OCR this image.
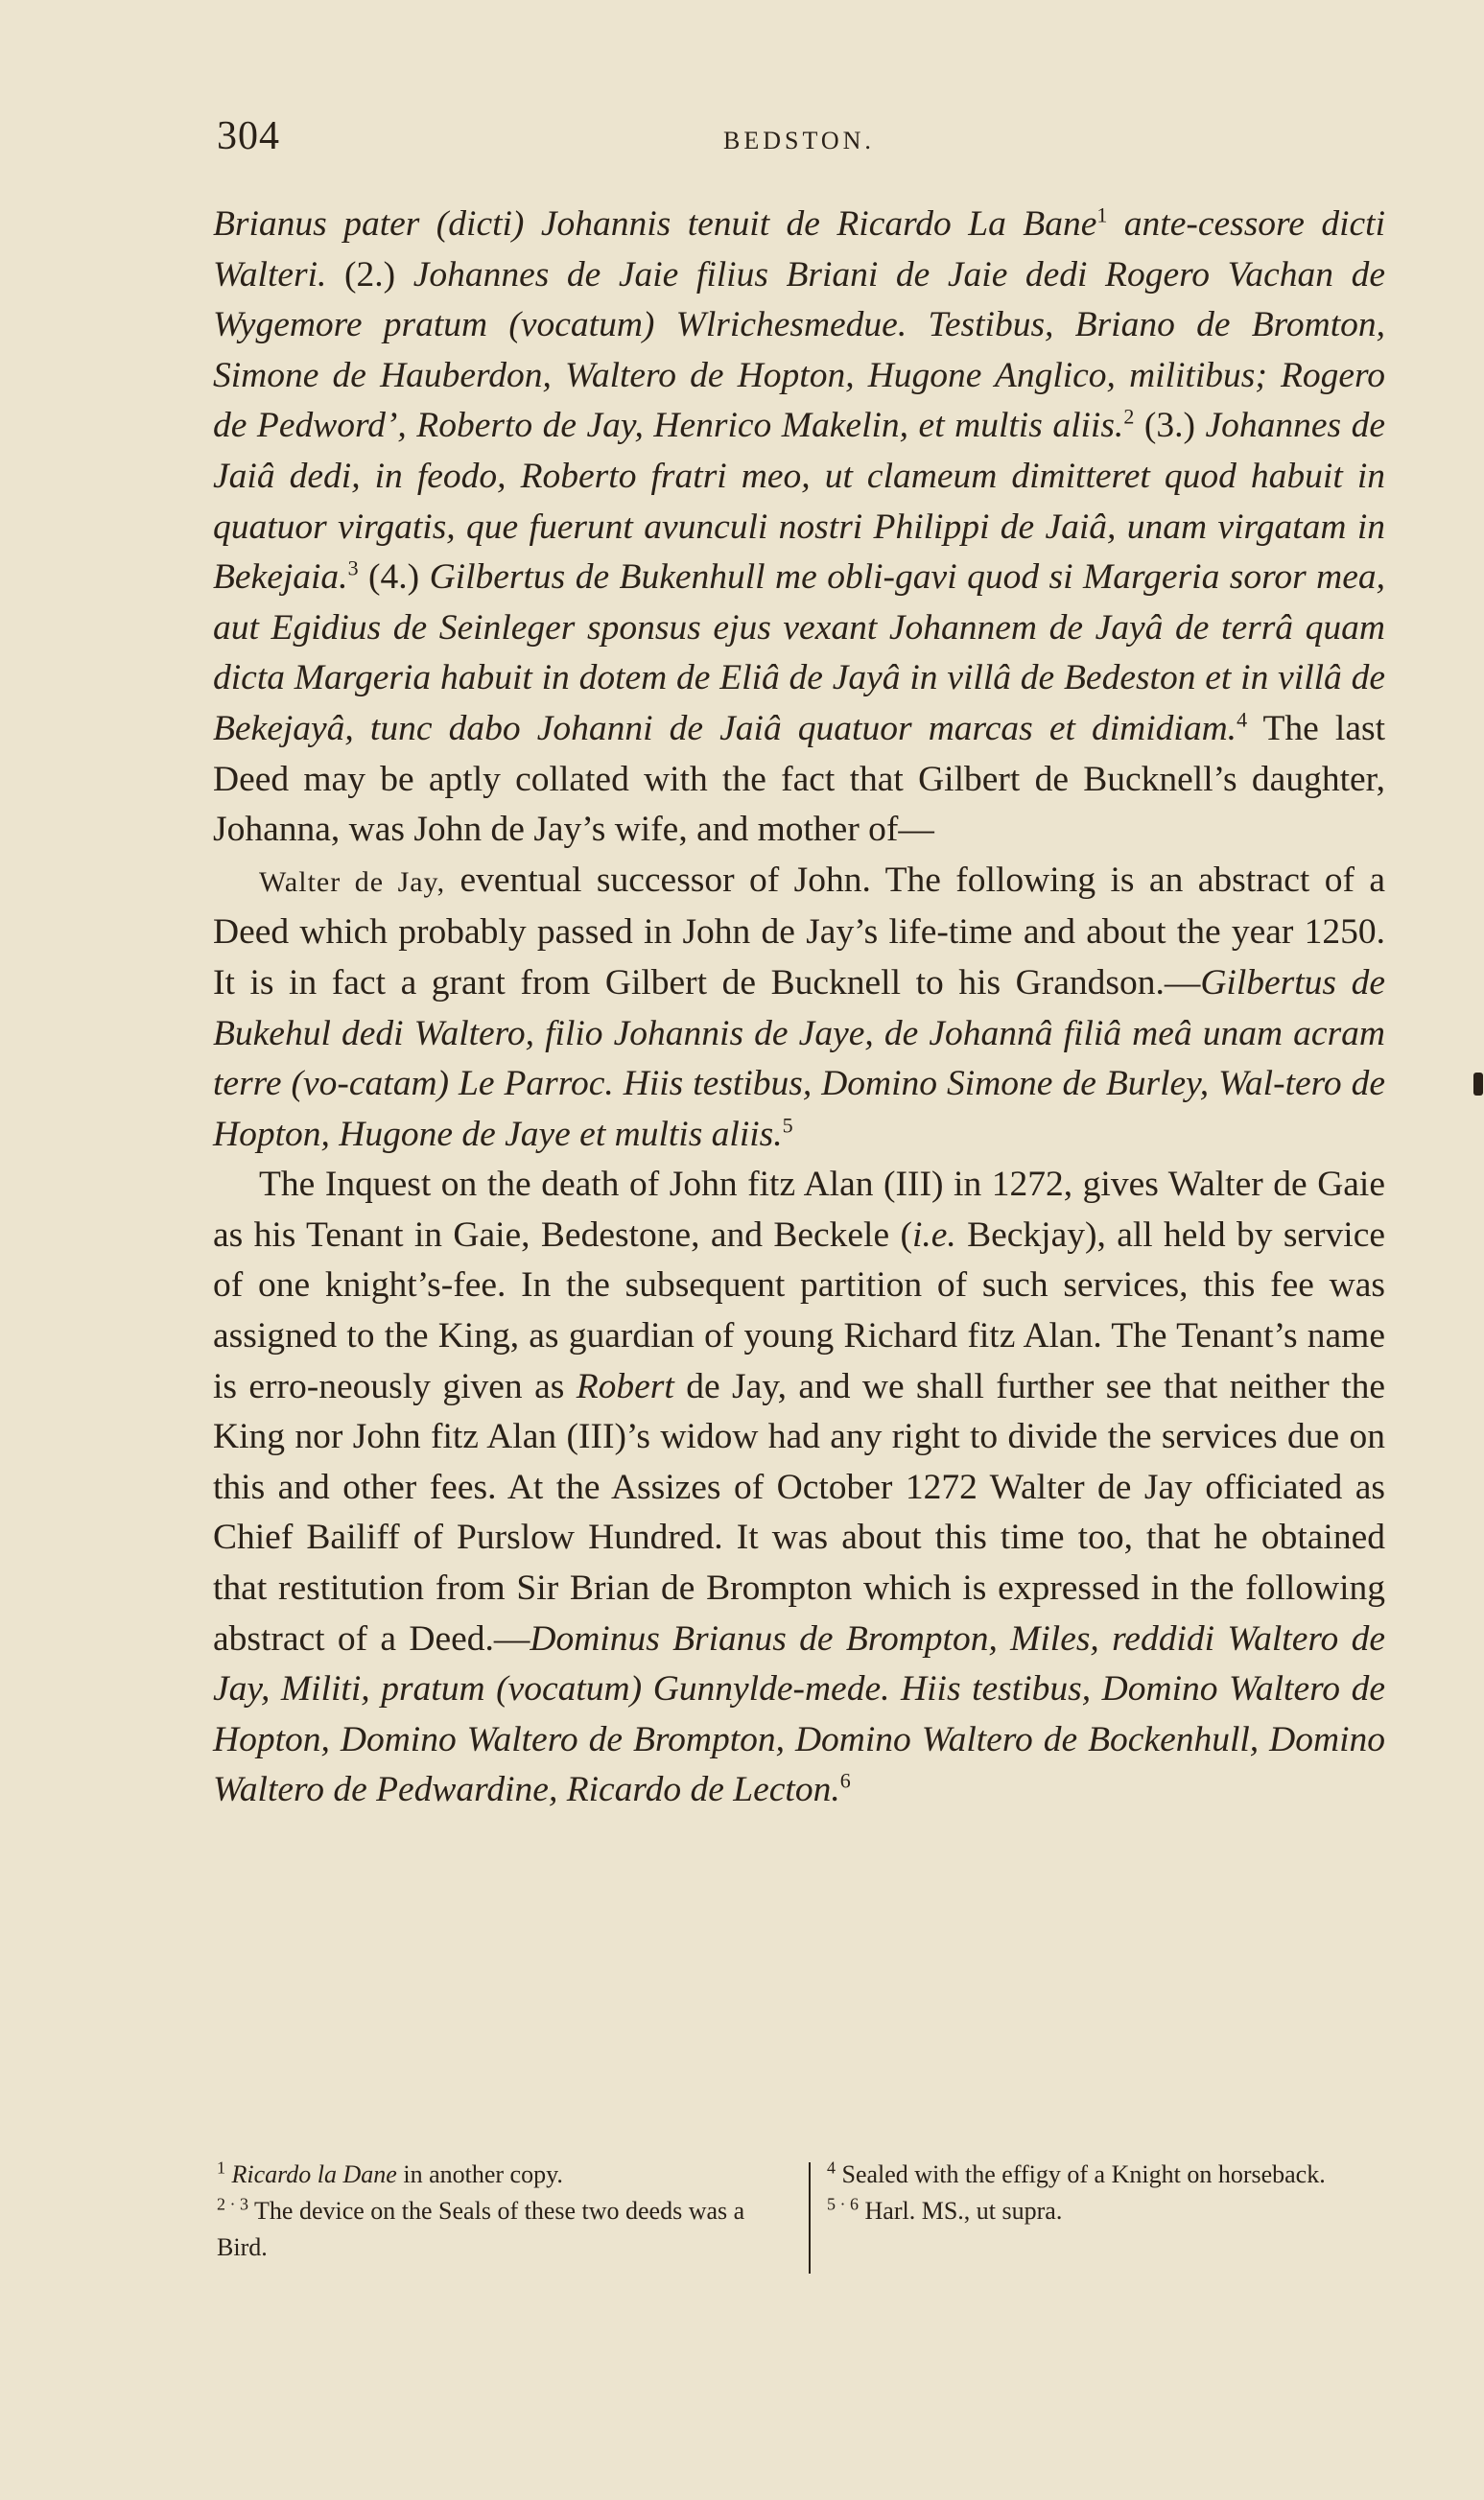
304	BEDSTON.

Brianus pater (dicti) Johannis tenuit de Ricardo La Bane$^1$ ante-cessore dicti Walteri. (2.) Johannes de Jaie filius Briani de Jaie dedi Rogero Vachan de Wygemore pratum (vocatum) Wlrichesmedue. Testibus, Briano de Bromton, Simone de Hauberdon, Waltero de Hopton, Hugone Anglico, militibus; Rogero de Pedword’, Roberto de Jay, Henrico Makelin, et multis aliis.$^2$ (3.) Johannes de Jaiâ dedi, in feodo, Roberto fratri meo, ut clameum dimitteret quod habuit in quatuor virgatis, que fuerunt avunculi nostri Philippi de Jaiâ, unam virgatam in Bekejaia.$^3$ (4.) Gilbertus de Bukenhull me obli-gavi quod si Margeria soror mea, aut Egidius de Seinleger sponsus ejus vexant Johannem de Jayâ de terrâ quam dicta Margeria habuit in dotem de Eliâ de Jayâ in villâ de Bedeston et in villâ de Bekejayâ, tunc dabo Johanni de Jaiâ quatuor marcas et dimidiam.$^4$ The last Deed may be aptly collated with the fact that Gilbert de Bucknell’s daughter, Johanna, was John de Jay’s wife, and mother of—

Walter de Jay, eventual successor of John. The following is an abstract of a Deed which probably passed in John de Jay’s life-time and about the year 1250. It is in fact a grant from Gilbert de Bucknell to his Grandson.—Gilbertus de Bukehul dedi Waltero, filio Johannis de Jaye, de Johannâ filiâ meâ unam acram terre (vo-catam) Le Parroc. Hiis testibus, Domino Simone de Burley, Wal-tero de Hopton, Hugone de Jaye et multis aliis.$^5$

The Inquest on the death of John fitz Alan (III) in 1272, gives Walter de Gaie as his Tenant in Gaie, Bedestone, and Beckele (i.e. Beckjay), all held by service of one knight’s-fee. In the subsequent partition of such services, this fee was assigned to the King, as guardian of young Richard fitz Alan. The Tenant’s name is erro-neously given as Robert de Jay, and we shall further see that neither the King nor John fitz Alan (III)’s widow had any right to divide the services due on this and other fees. At the Assizes of October 1272 Walter de Jay officiated as Chief Bailiff of Purslow Hundred. It was about this time too, that he obtained that restitution from Sir Brian de Brompton which is expressed in the following abstract of a Deed.—Dominus Brianus de Brompton, Miles, reddidi Waltero de Jay, Militi, pratum (vocatum) Gunnylde-mede. Hiis testibus, Domino Waltero de Hopton, Domino Waltero de Brompton, Domino Waltero de Bockenhull, Domino Waltero de Pedwardine, Ricardo de Lecton.$^6$

$^1$ Ricardo la Dane in another copy.

$^{2 \cdot 3}$ The device on the Seals of these two deeds was a Bird.

$^4$ Sealed with the effigy of a Knight on horseback.

$^{5 \cdot 6}$ Harl. MS., ut supra.
